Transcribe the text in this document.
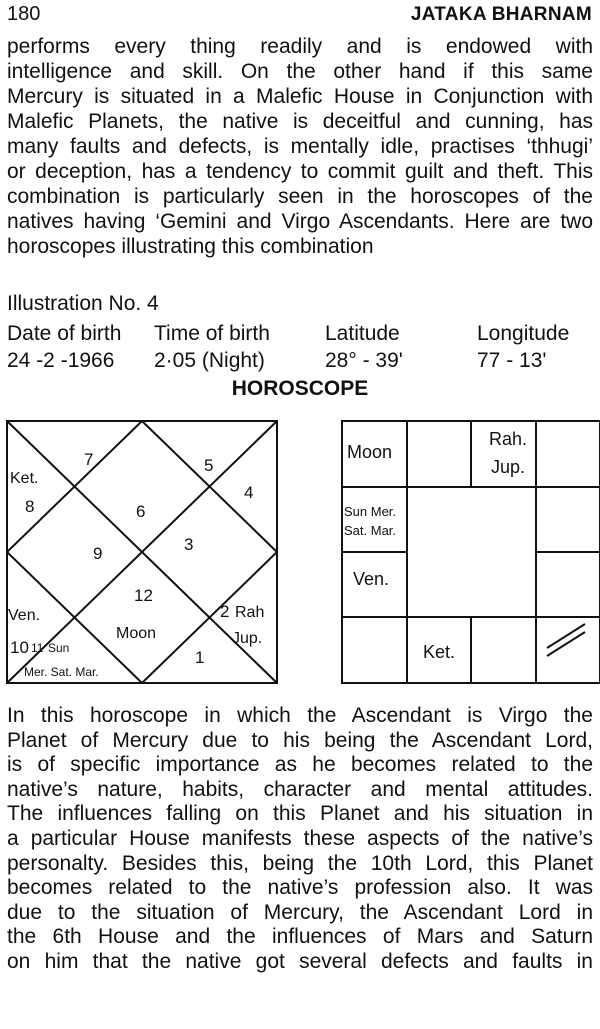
180	JATAKA BHARNAM
performs every thing readily and is endowed with
intelligence and skill. On the other hand if this same
Mercury is situated in a Malefic House in Conjunction with
Malefic Planets, the native is deceitful and cunning, has
many faults and defects, is mentally idle, practises ‘thhugi’
or deception, has a tendency to commit guilt and theft. This
combination is particularly seen in the horoscopes of the
natives having ‘Gemini and Virgo Ascendants. Here are two
horoscopes illustrating this combination
Illustration No. 4
Date of birth
24 -2 -1966
Time of birth
2·05 (Night)
Latitude
28° - 39'
Longitude
77 - 13'
HOROSCOPE
6
7
8
9
10
12
1
2
3
4
5
Ket.
Ven.
Moon
Rah
Jup.
11 Sun
Mer. Sat. Mar.
Moon
Rah.
Jup.
Ven.
Ket.
Sun Mer.
Sat. Mar.
In this horoscope in which the Ascendant is Virgo the
Planet of Mercury due to his being the Ascendant Lord,
is of specific importance as he becomes related to the
native’s nature, habits, character and mental attitudes.
The influences falling on this Planet and his situation in
a particular House manifests these aspects of the native’s
personalty. Besides this, being the 10th Lord, this Planet
becomes related to the native’s profession also. It was
due to the situation of Mercury, the Ascendant Lord in
the 6th House and the influences of Mars and Saturn
on him that the native got several defects and faults in
